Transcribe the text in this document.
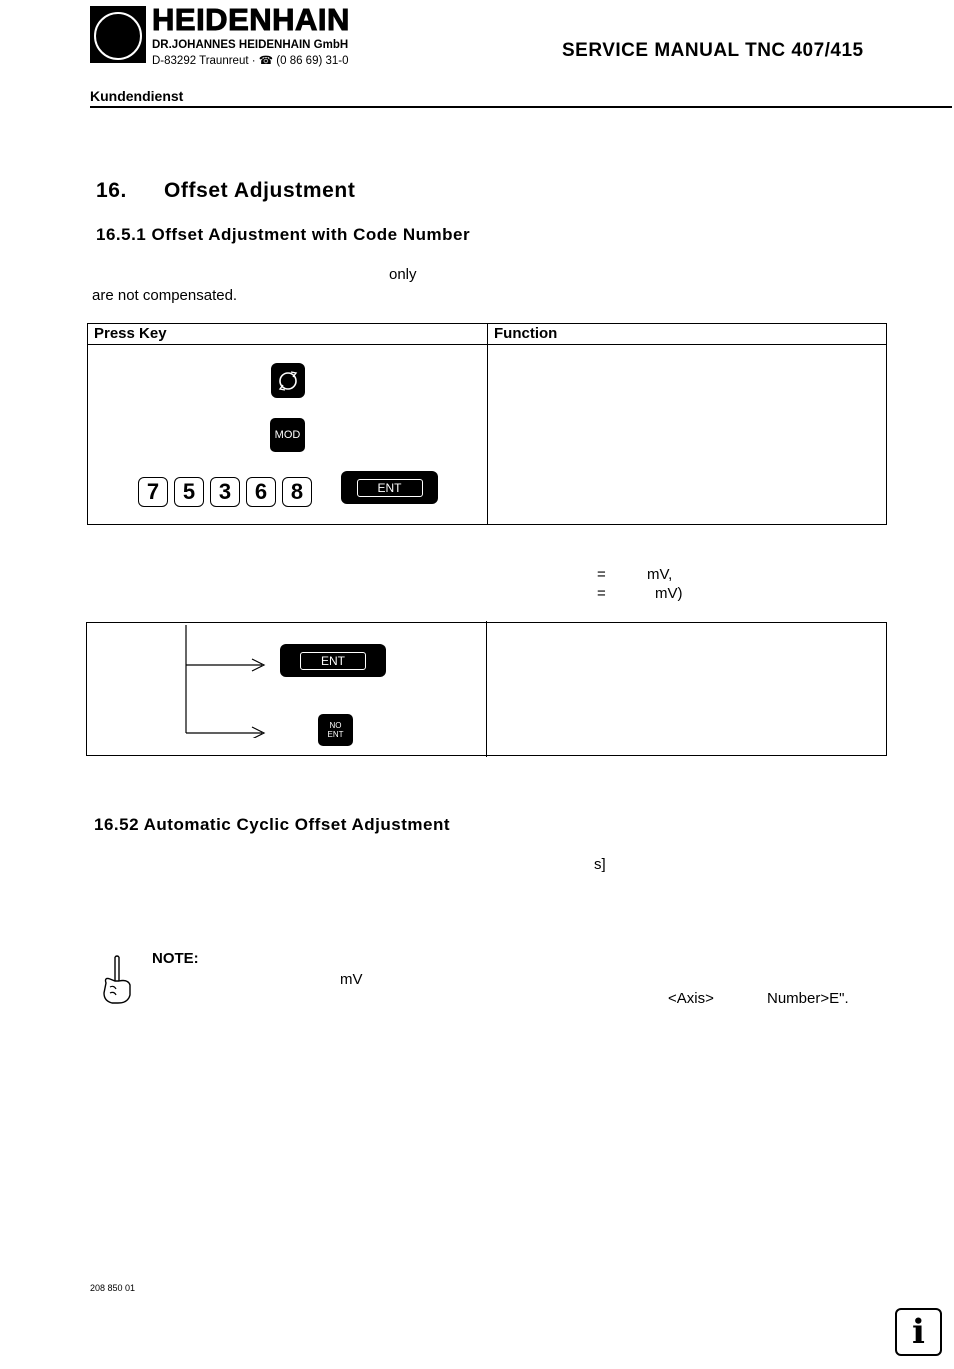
HEIDENHAIN
DR.JOHANNES HEIDENHAIN GmbH
D-83292 Traunreut · ☎ (0 86 69) 31-0	SERVICE MANUAL TNC 407/415
Kundendienst
16. Offset Adjustment
16.5.1 Offset Adjustment with Code Number
only
are not compensated.
Press Key	Function
MOD
7	5	3	6	8	ENT
=	mV,
=	mV)
ENT
NO
ENT
16.52 Automatic Cyclic Offset Adjustment
s]
NOTE:
mV
<Axis>	Number>E".
208 850 01
i
